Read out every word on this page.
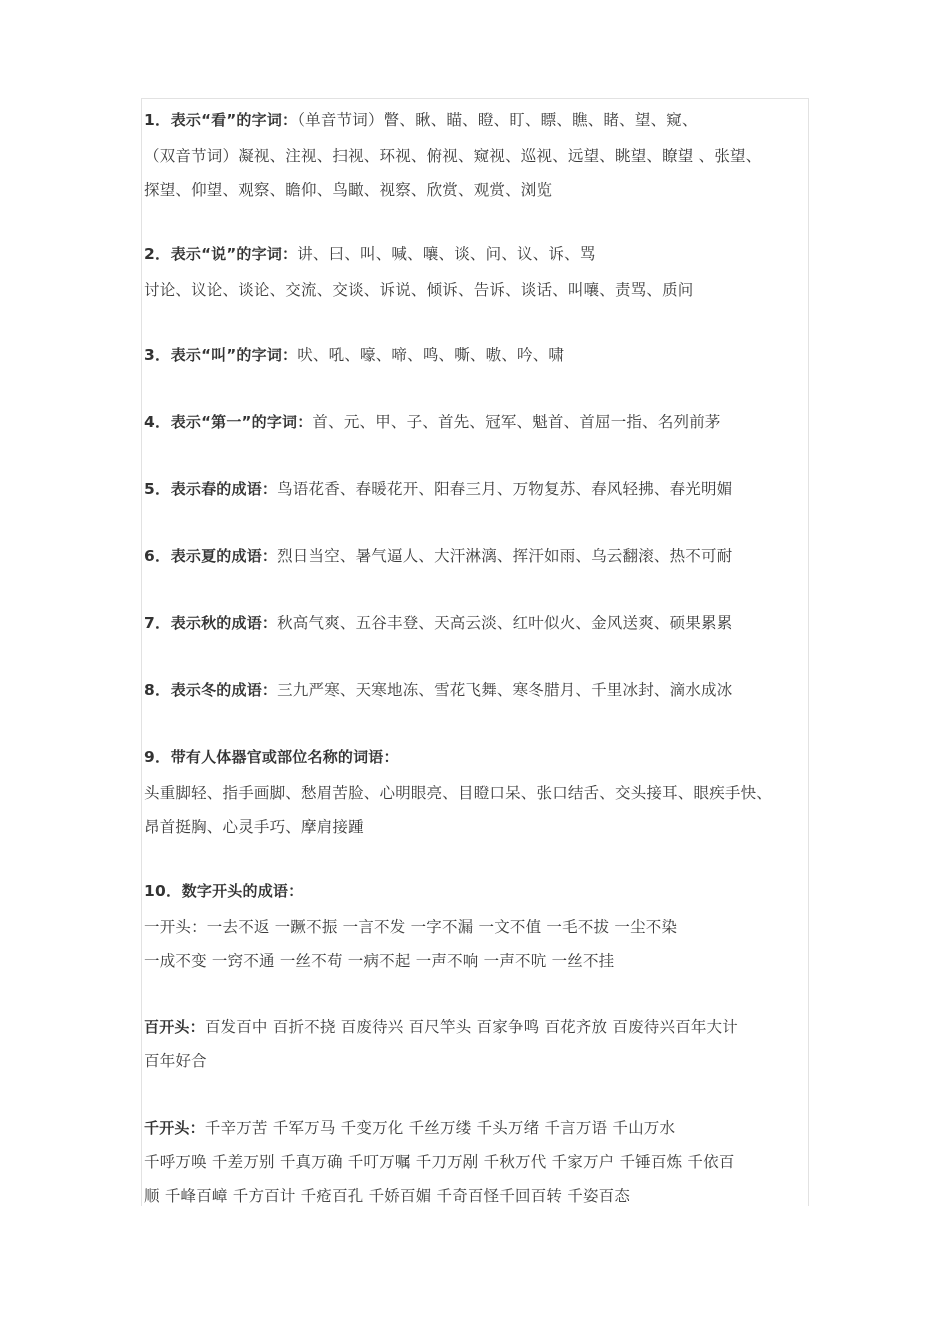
1．表示“看”的字词：（单音节词）瞥、瞅、瞄、瞪、盯、瞟、瞧、睹、望、窥、
（双音节词）凝视、注视、扫视、环视、俯视、窥视、巡视、远望、眺望、瞭望 、张望、
探望、仰望、观察、瞻仰、鸟瞰、视察、欣赏、观赏、浏览
2．表示“说”的字词：讲、曰、叫、喊、嚷、谈、问、议、诉、骂
讨论、议论、谈论、交流、交谈、诉说、倾诉、告诉、谈话、叫嚷、责骂、质问
3．表示“叫”的字词：吠、吼、嚎、啼、鸣、嘶、嗷、吟、啸
4．表示“第一”的字词：首、元、甲、子、首先、冠军、魁首、首屈一指、名列前茅
5．表示春的成语：鸟语花香、春暖花开、阳春三月、万物复苏、春风轻拂、春光明媚
6．表示夏的成语：烈日当空、暑气逼人、大汗淋漓、挥汗如雨、乌云翻滚、热不可耐
7．表示秋的成语：秋高气爽、五谷丰登、天高云淡、红叶似火、金风送爽、硕果累累
8．表示冬的成语：三九严寒、天寒地冻、雪花飞舞、寒冬腊月、千里冰封、滴水成冰
9．带有人体器官或部位名称的词语：
头重脚轻、指手画脚、愁眉苦脸、心明眼亮、目瞪口呆、张口结舌、交头接耳、眼疾手快、
昂首挺胸、心灵手巧、摩肩接踵
10．数字开头的成语：
一开头：一去不返 一蹶不振 一言不发 一字不漏 一文不值 一毛不拔 一尘不染
一成不变 一窍不通 一丝不苟 一病不起 一声不响 一声不吭 一丝不挂
百开头：百发百中 百折不挠 百废待兴 百尺竿头 百家争鸣 百花齐放 百废待兴百年大计
百年好合
千开头：千辛万苦 千军万马 千变万化 千丝万缕 千头万绪 千言万语 千山万水
千呼万唤 千差万别 千真万确 千叮万嘱 千刀万剐 千秋万代 千家万户 千锤百炼 千依百
顺 千峰百嶂 千方百计 千疮百孔 千娇百媚 千奇百怪千回百转 千姿百态
